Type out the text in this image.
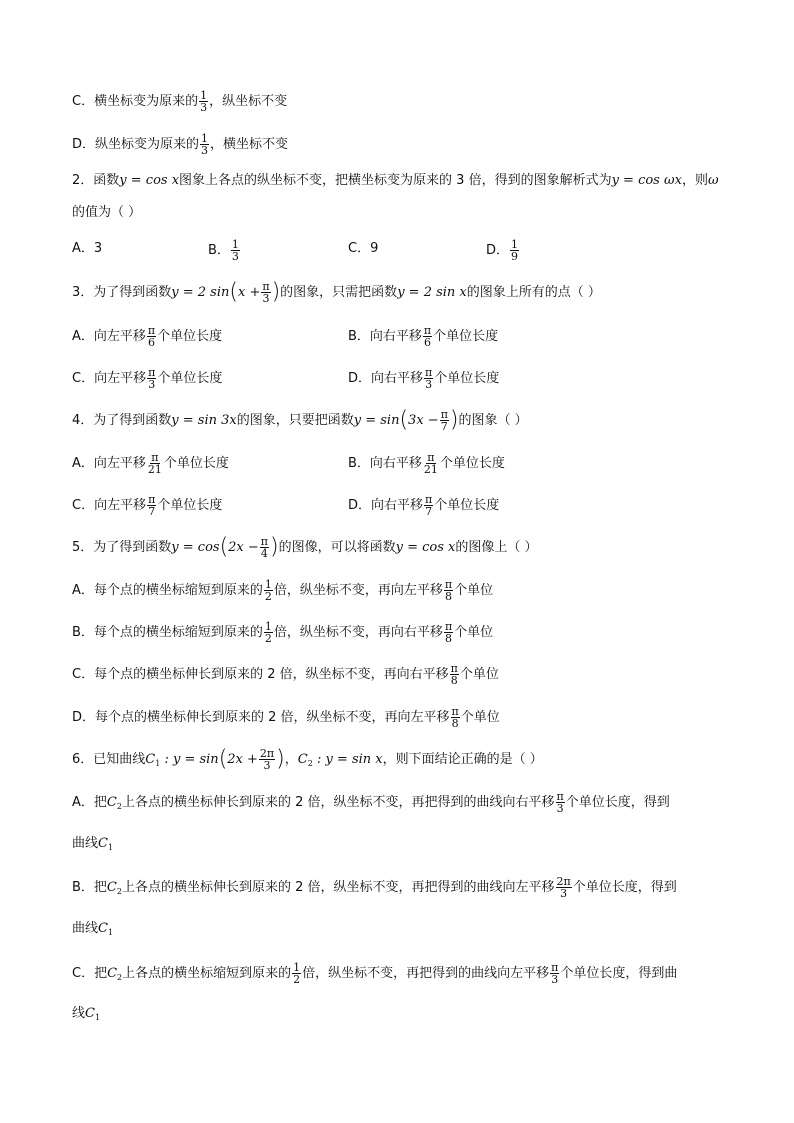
C．横坐标变为原来的 $\frac{1}{3}$ ，纵坐标不变
D．纵坐标变为原来的 $\frac{1}{3}$ ，横坐标不变
2．函数y = cos x图象上各点的纵坐标不变，把横坐标变为原来的 3 倍，得到的图象解析式为y = cos ωx，则ω
的值为（ ）
A．3	B． $\frac{1}{3}$	C．9	D． $\frac{1}{9}$
3．为了得到函数y = 2 $\sin(x + \frac{\pi}{3}$ )的图象，只需把函数y = 2 sin x的图象上所有的点（ ）
A．向左平移 $\frac{\pi}{6}$ 个单位长度	B．向右平移 $\frac{\pi}{6}$ 个单位长度
C．向左平移 $\frac{\pi}{3}$ 个单位长度	D．向右平移 $\frac{\pi}{3}$ 个单位长度
4．为了得到函数y = sin 3x的图象，只要把函数$y = \sin(3x - \frac{\pi}{7}$ )的图象（ ）
A．向左平移 $\frac{\pi}{21}$ 个单位长度	B．向右平移 $\frac{\pi}{21}$ 个单位长度
C．向左平移 $\frac{\pi}{7}$ 个单位长度	D．向右平移 $\frac{\pi}{7}$ 个单位长度
5．为了得到函数$y = \cos(2x - \frac{\pi}{4}$ )的图像，可以将函数y = cos x的图像上（ ）
A．每个点的横坐标缩短到原来的 $\frac{1}{2}$ 倍，纵坐标不变，再向左平移 $\frac{\pi}{8}$ 个单位
B．每个点的横坐标缩短到原来的 $\frac{1}{2}$ 倍，纵坐标不变，再向右平移 $\frac{\pi}{8}$ 个单位
C．每个点的横坐标伸长到原来的 2 倍，纵坐标不变，再向右平移 $\frac{\pi}{8}$ 个单位
D．每个点的横坐标伸长到原来的 2 倍，纵坐标不变，再向左平移 $\frac{\pi}{8}$ 个单位
6．已知曲线$C_1$ : $y = \sin(2x + \frac{2\pi}{3}$ )，$C_2$ : y = sin x，则下面结论正确的是（ ）
A．把$C_2$上各点的横坐标伸长到原来的 2 倍，纵坐标不变，再把得到的曲线向右平移 $\frac{\pi}{3}$ 个单位长度，得到
曲线$C_1$
B．把$C_2$上各点的横坐标伸长到原来的 2 倍，纵坐标不变，再把得到的曲线向左平移 $\frac{2\pi}{3}$ 个单位长度，得到
曲线$C_1$
C．把$C_2$上各点的横坐标缩短到原来的 $\frac{1}{2}$ 倍，纵坐标不变，再把得到的曲线向左平移 $\frac{\pi}{3}$ 个单位长度，得到曲
线$C_1$
